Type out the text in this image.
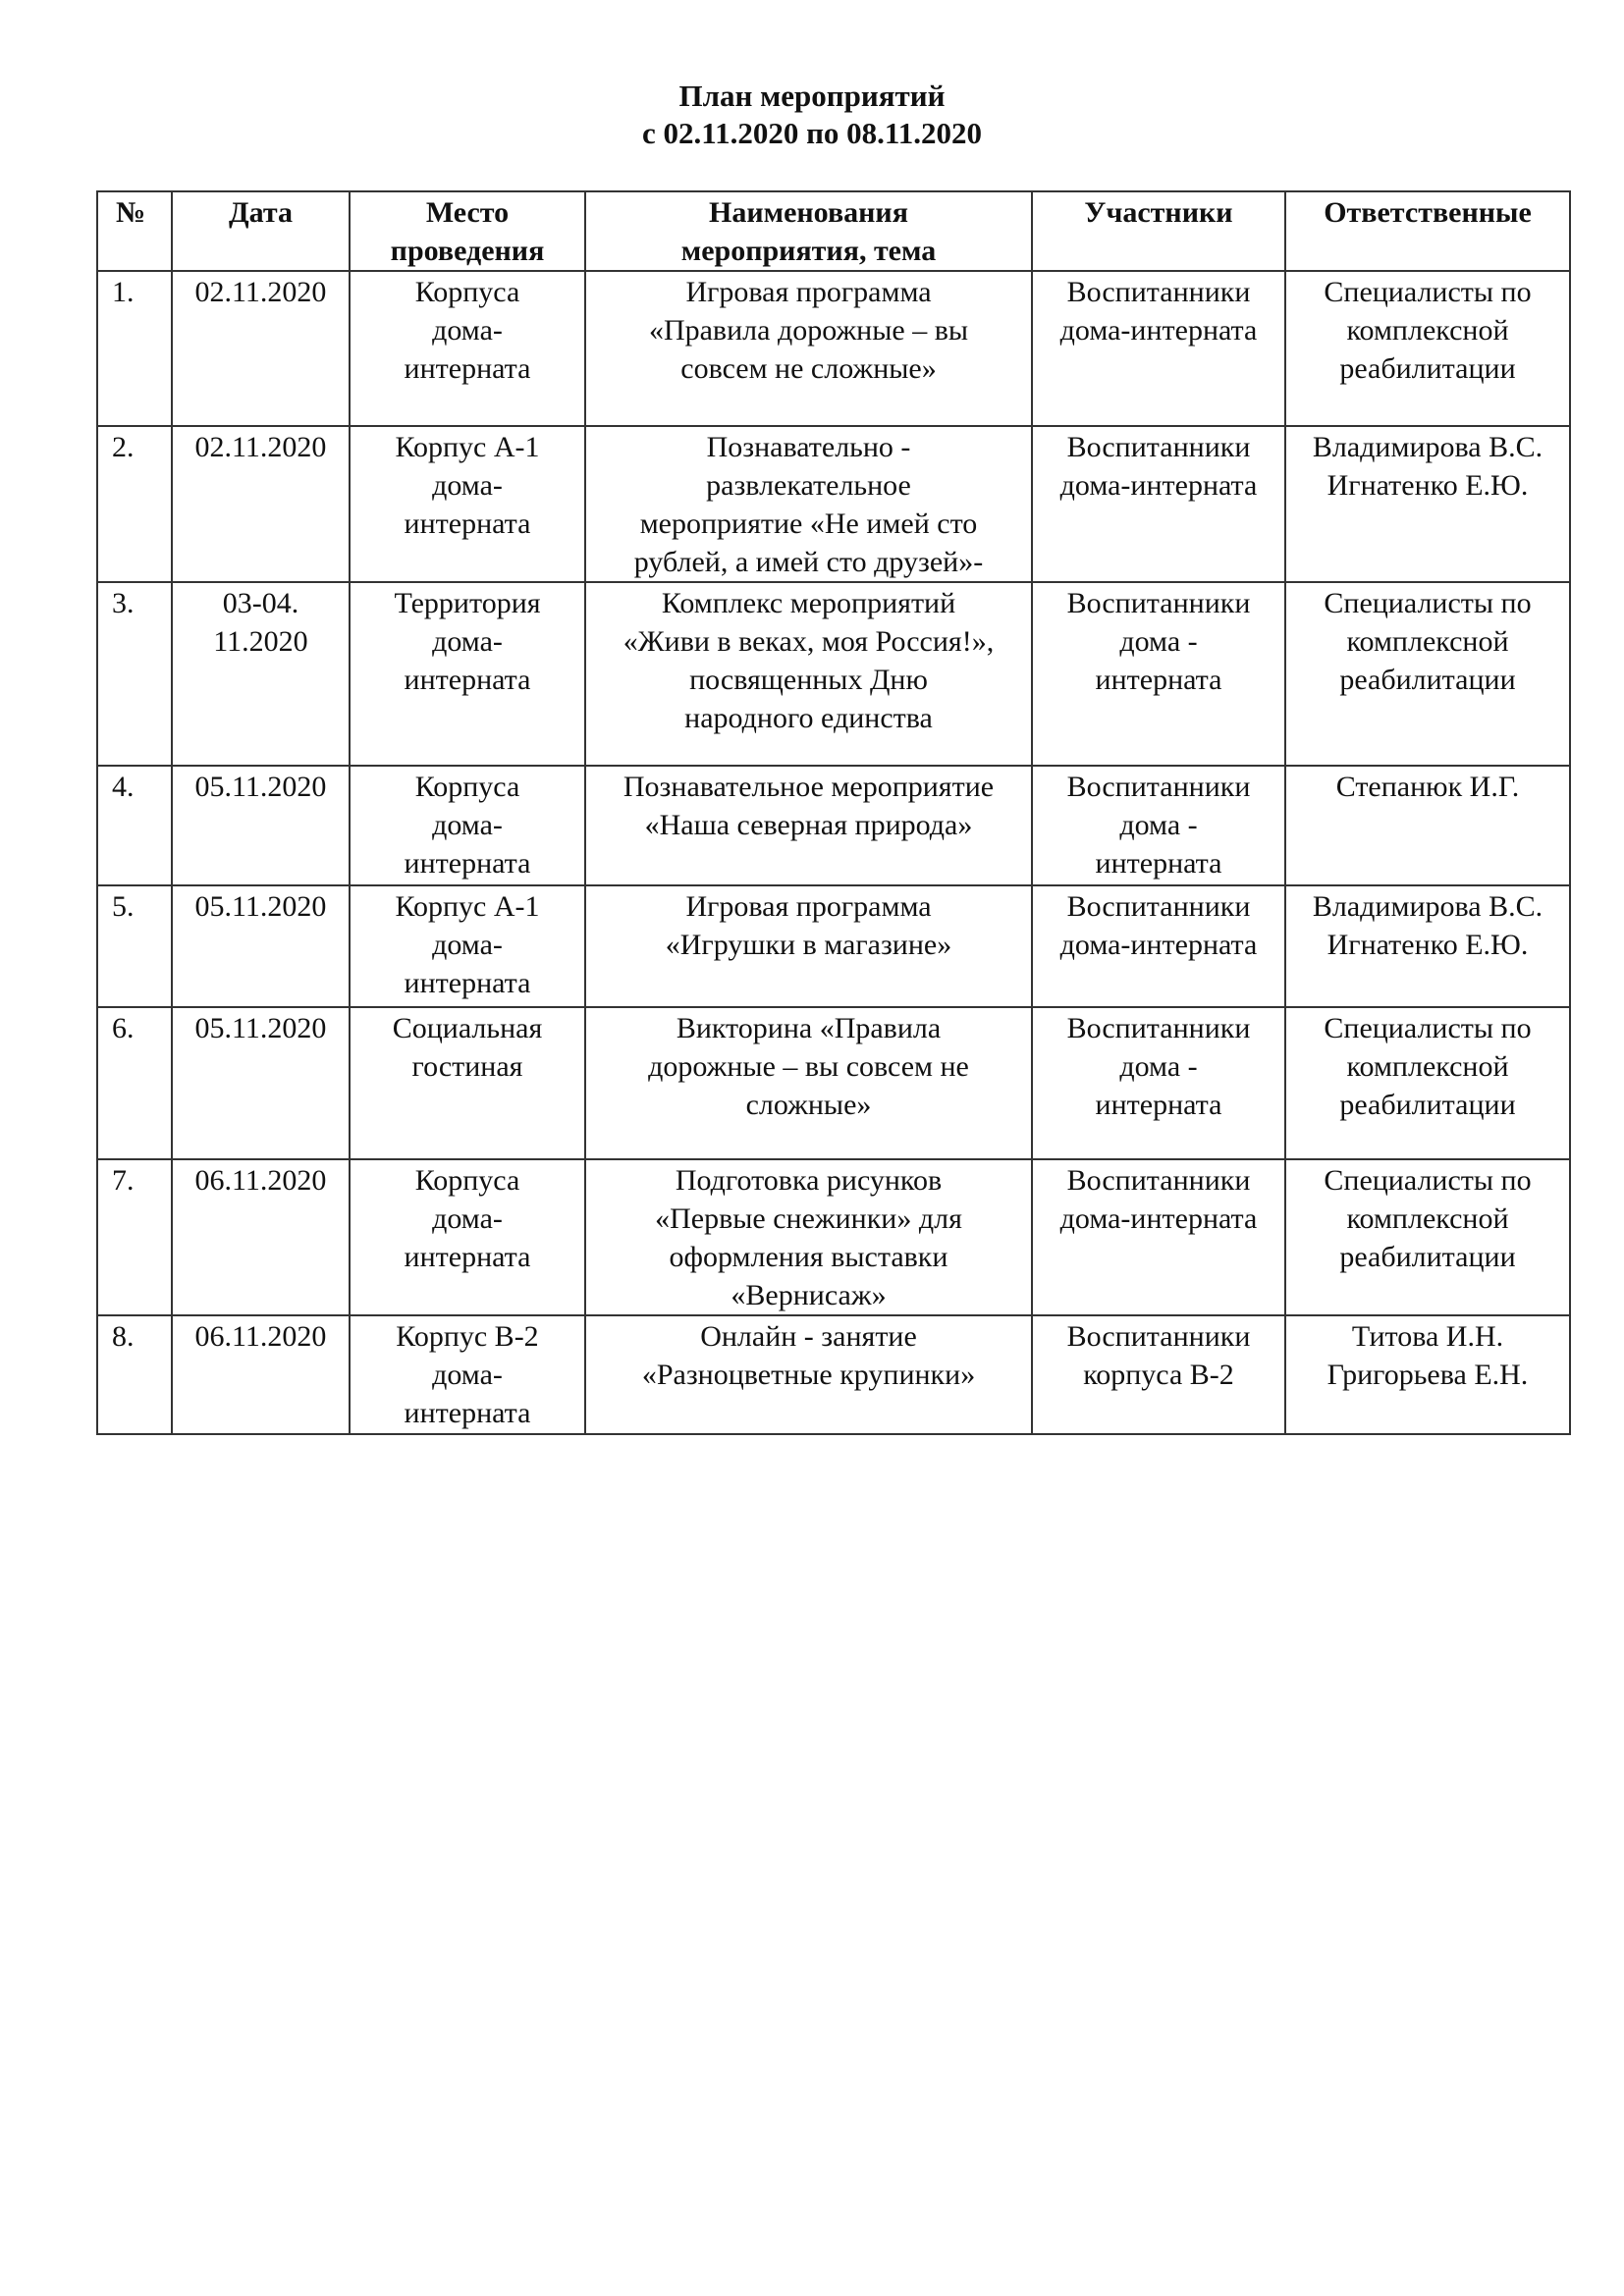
План мероприятий
с 02.11.2020 по 08.11.2020
№	Дата	Место
проведения	Наименования
мероприятия, тема	Участники	Ответственные

1.	02.11.2020	Корпуса
дома-
интерната	Игровая программа
«Правила дорожные – вы
совсем не сложные»	Воспитанники
дома-интерната	Специалисты по
комплексной
реабилитации

2.	02.11.2020	Корпус А-1
дома-
интерната	Познавательно -
развлекательное
мероприятие «Не имей сто
рублей, а имей сто друзей»-	Воспитанники
дома-интерната	Владимирова В.С.
Игнатенко Е.Ю.

3.	03-04.
11.2020	Территория
дома-
интерната	Комплекс мероприятий
«Живи в веках, моя Россия!»,
посвященных Дню
народного единства	Воспитанники
дома -
интерната	Специалисты по
комплексной
реабилитации

4.	05.11.2020	Корпуса
дома-
интерната	Познавательное мероприятие
«Наша северная природа»	Воспитанники
дома -
интерната	Степанюк И.Г.

5.	05.11.2020	Корпус А-1
дома-
интерната	Игровая программа
«Игрушки в магазине»	Воспитанники
дома-интерната	Владимирова В.С.
Игнатенко Е.Ю.

6.	05.11.2020	Социальная
гостиная	Викторина «Правила
дорожные – вы совсем не
сложные»	Воспитанники
дома -
интерната	Специалисты по
комплексной
реабилитации

7.	06.11.2020	Корпуса
дома-
интерната	Подготовка рисунков
«Первые снежинки» для
оформления выставки
«Вернисаж»	Воспитанники
дома-интерната	Специалисты по
комплексной
реабилитации

8.	06.11.2020	Корпус В-2
дома-
интерната	Онлайн - занятие
«Разноцветные крупинки»	Воспитанники
корпуса В-2	Титова И.Н.
Григорьева Е.Н.
